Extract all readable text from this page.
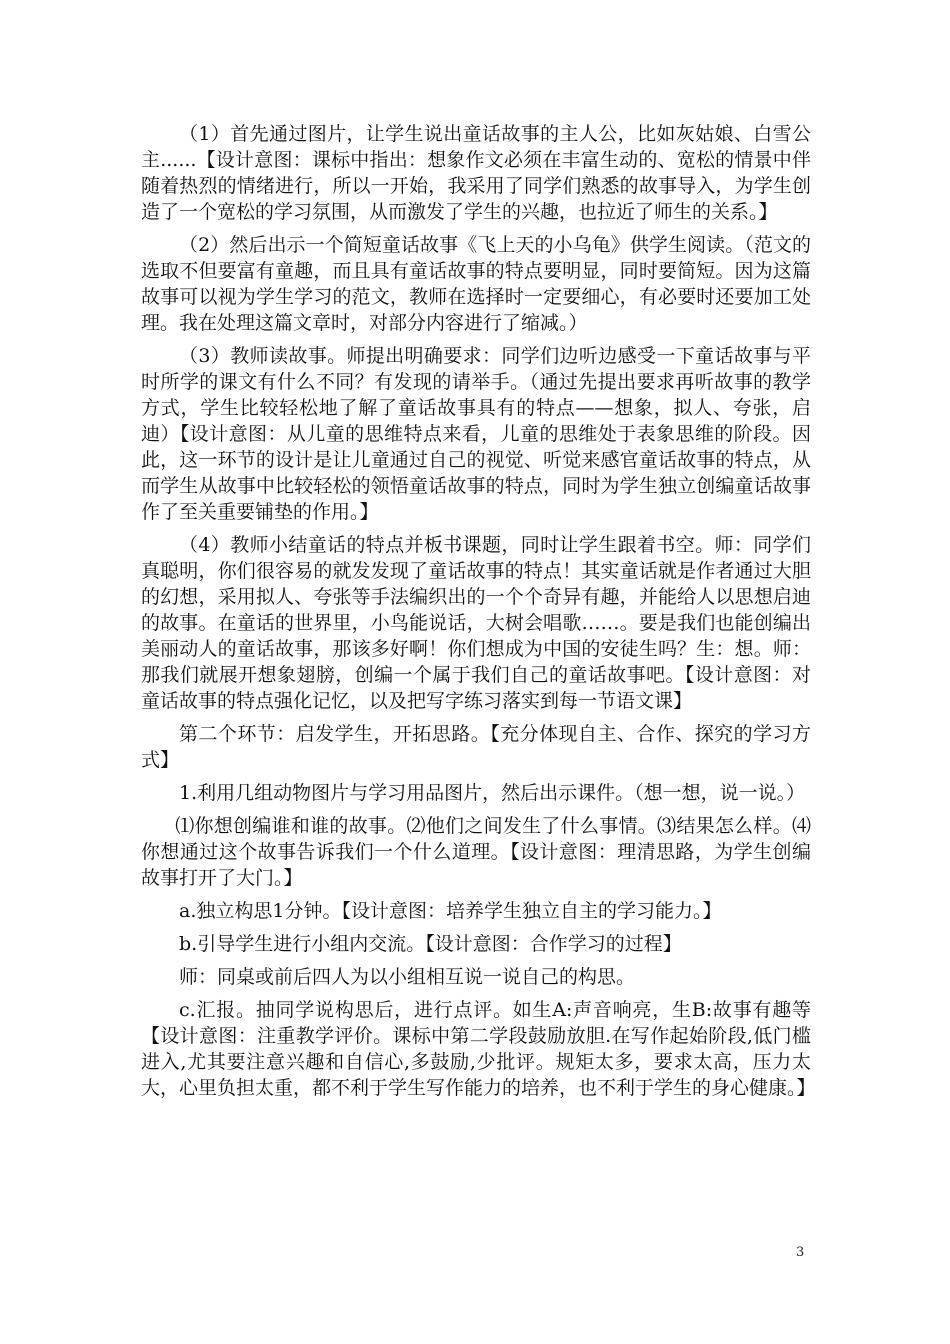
（1）首先通过图片，让学生说出童话故事的主人公，比如灰姑娘、白雪公主......【设计意图：课标中指出：想象作文必须在丰富生动的、宽松的情景中伴随着热烈的情绪进行，所以一开始，我采用了同学们熟悉的故事导入，为学生创造了一个宽松的学习氛围，从而激发了学生的兴趣，也拉近了师生的关系。】

（2）然后出示一个简短童话故事《飞上天的小乌龟》供学生阅读。（范文的选取不但要富有童趣，而且具有童话故事的特点要明显，同时要简短。因为这篇故事可以视为学生学习的范文，教师在选择时一定要细心，有必要时还要加工处理。我在处理这篇文章时，对部分内容进行了缩减。）

（3）教师读故事。师提出明确要求：同学们边听边感受一下童话故事与平时所学的课文有什么不同？有发现的请举手。（通过先提出要求再听故事的教学方式，学生比较轻松地了解了童话故事具有的特点——想象，拟人、夸张，启迪）【设计意图：从儿童的思维特点来看，儿童的思维处于表象思维的阶段。因此，这一环节的设计是让儿童通过自己的视觉、听觉来感官童话故事的特点，从而学生从故事中比较轻松的领悟童话故事的特点，同时为学生独立创编童话故事作了至关重要铺垫的作用。】

（4）教师小结童话的特点并板书课题，同时让学生跟着书空。师：同学们真聪明，你们很容易的就发发现了童话故事的特点！其实童话就是作者通过大胆的幻想，采用拟人、夸张等手法编织出的一个个奇异有趣，并能给人以思想启迪的故事。在童话的世界里，小鸟能说话，大树会唱歌……。要是我们也能创编出美丽动人的童话故事，那该多好啊！你们想成为中国的安徒生吗？生：想。师：那我们就展开想象翅膀，创编一个属于我们自己的童话故事吧。【设计意图：对童话故事的特点强化记忆，以及把写字练习落实到每一节语文课】

第二个环节：启发学生，开拓思路。【充分体现自主、合作、探究的学习方式】

1.利用几组动物图片与学习用品图片，然后出示课件。（想一想，说一说。）

⑴你想创编谁和谁的故事。⑵他们之间发生了什么事情。⑶结果怎么样。⑷你想通过这个故事告诉我们一个什么道理。【设计意图：理清思路，为学生创编故事打开了大门。】

a.独立构思1分钟。【设计意图：培养学生独立自主的学习能力。】

b.引导学生进行小组内交流。【设计意图：合作学习的过程】

师：同桌或前后四人为以小组相互说一说自己的构思。

c.汇报。抽同学说构思后，进行点评。如生A:声音响亮，生B:故事有趣等 【设计意图：注重教学评价。课标中第二学段鼓励放胆.在写作起始阶段,低门槛进入,尤其要注意兴趣和自信心,多鼓励,少批评。规矩太多，要求太高，压力太大，心里负担太重，都不利于学生写作能力的培养，也不利于学生的身心健康。】

3
